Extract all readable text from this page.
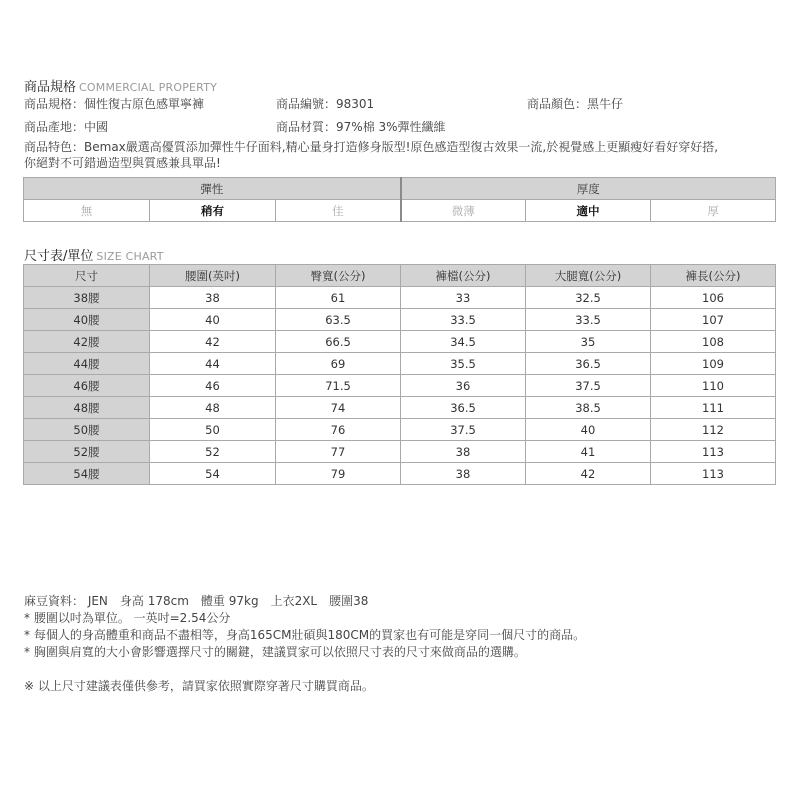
商品規格 COMMERCIAL PROPERTY
商品規格：個性復古原色感單寧褲	商品編號：98301	商品顏色：黑牛仔
商品產地：中國	商品材質：97%棉 3%彈性纖維
商品特色：Bemax嚴選高優質添加彈性牛仔面料,精心量身打造修身版型!原色感造型復古效果一流,於視覺感上更顯瘦好看好穿好搭,你絕對不可錯過造型與質感兼具單品!
彈性			厚度		
無	稍有	佳	微薄	適中	厚
尺寸表/單位 SIZE CHART
尺寸	腰圍(英吋)	臀寬(公分)	褲檔(公分)	大腿寬(公分)	褲長(公分)
38腰	38	61	33	32.5	106
40腰	40	63.5	33.5	33.5	107
42腰	42	66.5	34.5	35	108
44腰	44	69	35.5	36.5	109
46腰	46	71.5	36	37.5	110
48腰	48	74	36.5	38.5	111
50腰	50	76	37.5	40	112
52腰	52	77	38	41	113
54腰	54	79	38	42	113
麻豆資料： JEN　身高 178cm　體重 97kg　上衣2XL　腰圍38
* 腰圍以吋為單位。 一英吋=2.54公分
* 每個人的身高體重和商品不盡相等，身高165CM壯碩與180CM的買家也有可能是穿同一個尺寸的商品。
* 胸圍與肩寬的大小會影響選擇尺寸的關鍵，建議買家可以依照尺寸表的尺寸來做商品的選購。
※ 以上尺寸建議表僅供參考，請買家依照實際穿著尺寸購買商品。
